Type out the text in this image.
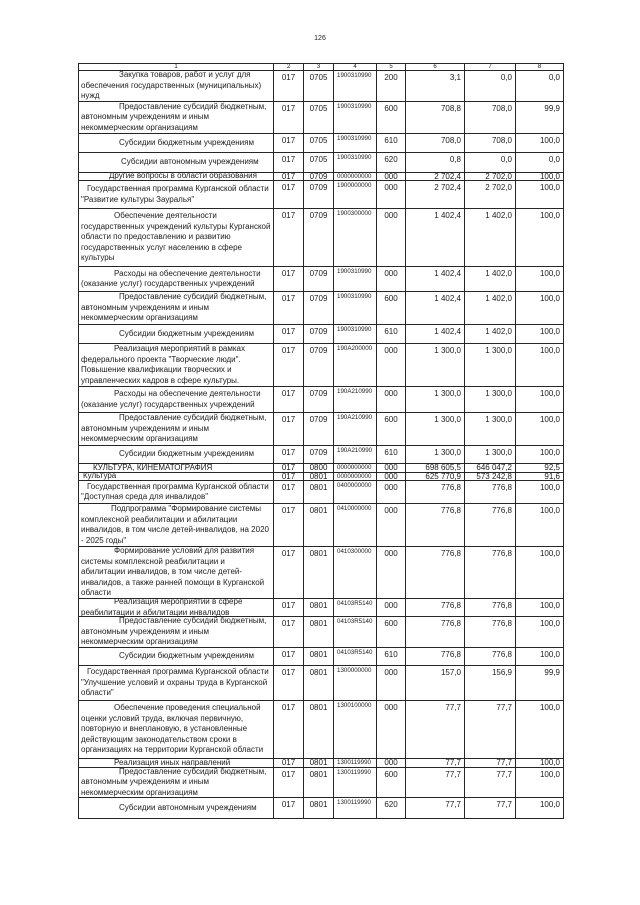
126
1	2	3	4	5	6	7	8

Закупка товаров, работ и услуг для обеспечения государственных (муниципальных) нужд	017	0705	1900310990	200	3,1	0,0	0,0

Предоставление субсидий бюджетным, автономным учреждениям и иным некоммерческим организациям	017	0705	1900310990	600	708,8	708,0	99,9

Субсидии бюджетным учреждениям	017	0705	1900310990	610	708,0	708,0	100,0

Субсидии автономным учреждениям	017	0705	1900310990	620	0,8	0,0	0,0

Другие вопросы в области образования	017	0709	0000000000	000	2 702,4	2 702,0	100,0

Государственная программа Курганской области "Развитие культуры Зауралья"	017	0709	1900000000	000	2 702,4	2 702,0	100,0

Обеспечение деятельности государственных учреждений культуры Курганской области по предоставлению и развитию государственных услуг населению в сфере культуры	017	0709	1900300000	000	1 402,4	1 402,0	100,0

Расходы на обеспечение деятельности (оказание услуг) государственных учреждений	017	0709	1900310990	000	1 402,4	1 402,0	100,0

Предоставление субсидий бюджетным, автономным учреждениям и иным некоммерческим организациям	017	0709	1900310990	600	1 402,4	1 402,0	100,0

Субсидии бюджетным учреждениям	017	0709	1900310990	610	1 402,4	1 402,0	100,0

Реализация мероприятий в рамках федерального проекта "Творческие люди". Повышение квалификации творческих и управленческих кадров в сфере культуры.	017	0709	190A200000	000	1 300,0	1 300,0	100,0

Расходы на обеспечение деятельности (оказание услуг) государственных учреждений	017	0709	190A210990	000	1 300,0	1 300,0	100,0

Предоставление субсидий бюджетным, автономным учреждениям и иным некоммерческим организациям	017	0709	190A210990	600	1 300,0	1 300,0	100,0

Субсидии бюджетным учреждениям	017	0709	190A210990	610	1 300,0	1 300,0	100,0

КУЛЬТУРА, КИНЕМАТОГРАФИЯ	017	0800	0000000000	000	698 605,5	646 047,2	92,5

Культура	017	0801	0000000000	000	625 770,9	573 242,8	91,6

Государственная программа Курганской области "Доступная среда для инвалидов"	017	0801	0400000000	000	776,8	776,8	100,0

Подпрограмма "Формирование системы комплексной реабилитации и абилитации инвалидов, в том числе детей-инвалидов, на 2020 - 2025 годы"	017	0801	0410000000	000	776,8	776,8	100,0

Формирование условий для развития системы комплексной реабилитации и абилитации инвалидов, в том числе детей-инвалидов, а также ранней помощи в Курганской области	017	0801	0410300000	000	776,8	776,8	100,0

Реализация мероприятий в сфере реабилитации и абилитации инвалидов	017	0801	04103R5140	000	776,8	776,8	100,0

Предоставление субсидий бюджетным, автономным учреждениям и иным некоммерческим организациям	017	0801	04103R5140	600	776,8	776,8	100,0

Субсидии бюджетным учреждениям	017	0801	04103R5140	610	776,8	776,8	100,0

Государственная программа Курганской области "Улучшение условий и охраны труда в Курганской области"	017	0801	1300000000	000	157,0	156,9	99,9

Обеспечение проведения специальной оценки условий труда, включая первичную, повторную и внеплановую, в установленные действующим законодательством сроки в организациях на территории Курганской области	017	0801	1300100000	000	77,7	77,7	100,0

Реализация иных направлений	017	0801	1300119990	000	77,7	77,7	100,0

Предоставление субсидий бюджетным, автономным учреждениям и иным некоммерческим организациям	017	0801	1300119990	600	77,7	77,7	100,0

Субсидии автономным учреждениям	017	0801	1300119990	620	77,7	77,7	100,0
